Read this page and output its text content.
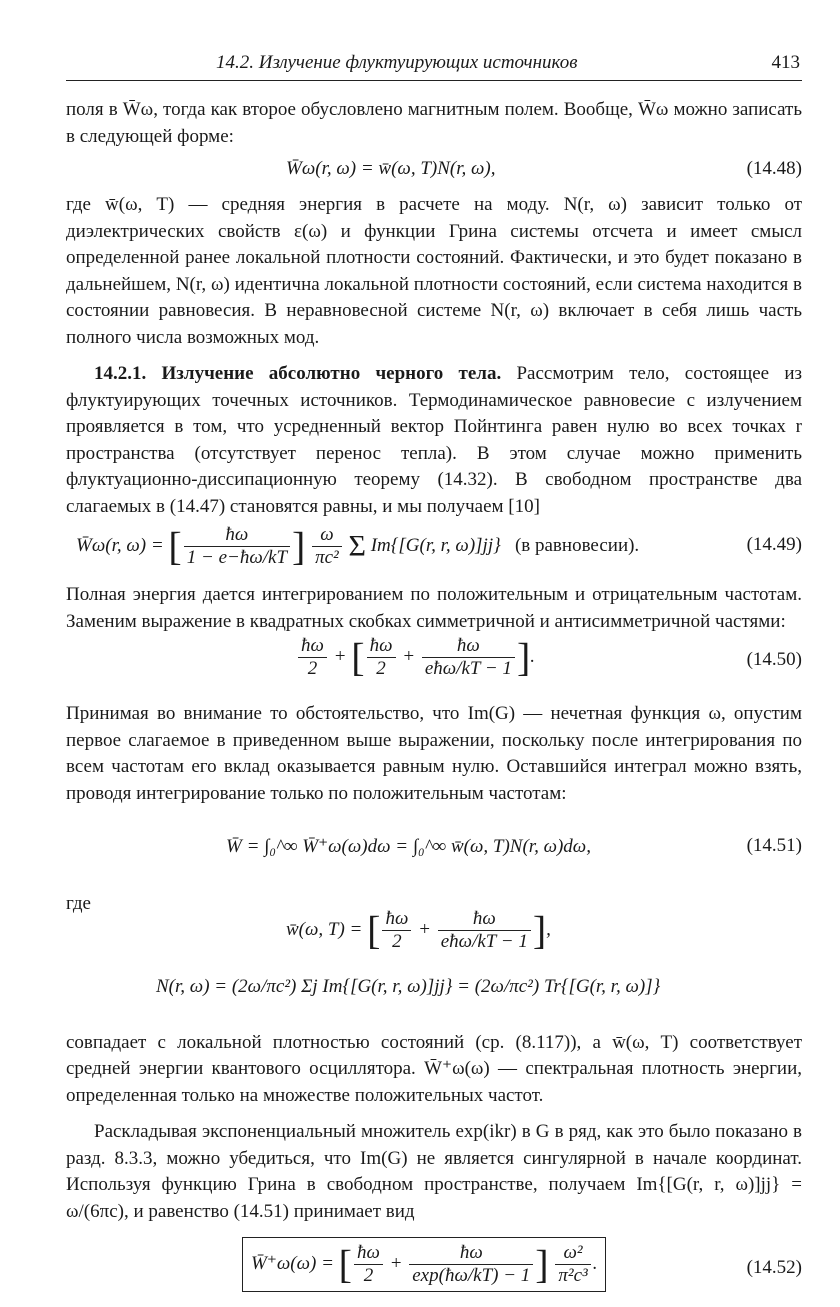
14.2. Излучение флуктуирующих источников	413

поля в W̄ω, тогда как второе обусловлено магнитным полем. Вообще, W̄ω можно записать в следующей форме:

W̄ω(r, ω) = w̄(ω, T)N(r, ω),	(14.48)

где w̄(ω, T) — средняя энергия в расчете на моду. N(r, ω) зависит только от диэлектрических свойств ε(ω) и функции Грина системы отсчета и имеет смысл определенной ранее локальной плотности состояний. Фактически, и это будет показано в дальнейшем, N(r, ω) идентична локальной плотности состояний, если система находится в состоянии равновесия. В неравновесной системе N(r, ω) включает в себя лишь часть полного числа возможных мод.

14.2.1. Излучение абсолютно черного тела. Рассмотрим тело, состоящее из флуктуирующих точечных источников. Термодинамическое равновесие с излучением проявляется в том, что усредненный вектор Пойнтинга равен нулю во всех точках r пространства (отсутствует перенос тепла). В этом случае можно применить флуктуационно-диссипационную теорему (14.32). В свободном пространстве два слагаемых в (14.47) становятся равны, и мы получаем [10]

W̄ω(r, ω) = [ $\frac{ħ\omega}{1 - e-ħ\omega/kT}$ ] $\frac{\omega}{\text{πc²}}$ Σ Im{[G(r, r, ω)]jj} (в равновесии).	(14.49)

Полная энергия дается интегрированием по положительным и отрицательным частотам. Заменим выражение в квадратных скобках симметричной и антисимметричной частями:

$\frac{ħ\omega}{2}$ + [ $\frac{ħ\omega}{2} + \frac{ħ\omega}{\text{eħω/kT − 1}}$ ].	(14.50)

Принимая во внимание то обстоятельство, что Im(G) — нечетная функция ω, опустим первое слагаемое в приведенном выше выражении, поскольку после интегрирования по всем частотам его вклад оказывается равным нулю. Оставшийся интеграл можно взять, проводя интегрирование только по положительным частотам:

W̄ = ∫₀^∞ W̄⁺ω(ω)dω = ∫₀^∞ w̄(ω, T)N(r, ω)dω,	(14.51)

где

w̄(ω, T) = [ $\frac{ħ\omega}{2} + \frac{ħ\omega}{\text{eħω/kT − 1}}$ ],
N(r, ω) = (2ω/πc²) Σj Im{[G(r, r, ω)]jj} = (2ω/πc²) Tr{[G(r, r, ω)]}

совпадает с локальной плотностью состояний (ср. (8.117)), а w̄(ω, T) соответствует средней энергии квантового осциллятора. W̄⁺ω(ω) — спектральная плотность энергии, определенная только на множестве положительных частот.

Раскладывая экспоненциальный множитель exp(ikr) в G в ряд, как это было показано в разд. 8.3.3, можно убедиться, что Im(G) не является сингулярной в начале координат. Используя функцию Грина в свободном пространстве, получаем Im{[G(r, r, ω)]jj} = ω/(6πc), и равенство (14.51) принимает вид

W̄⁺ω(ω) = [ $\frac{ħ\omega}{2} + \frac{ħ\omega}{\exp(ħ\omega/kT) - 1}$ ] $\frac{\text{ω²}}{\text{π²c³}}$ .	(14.52)
